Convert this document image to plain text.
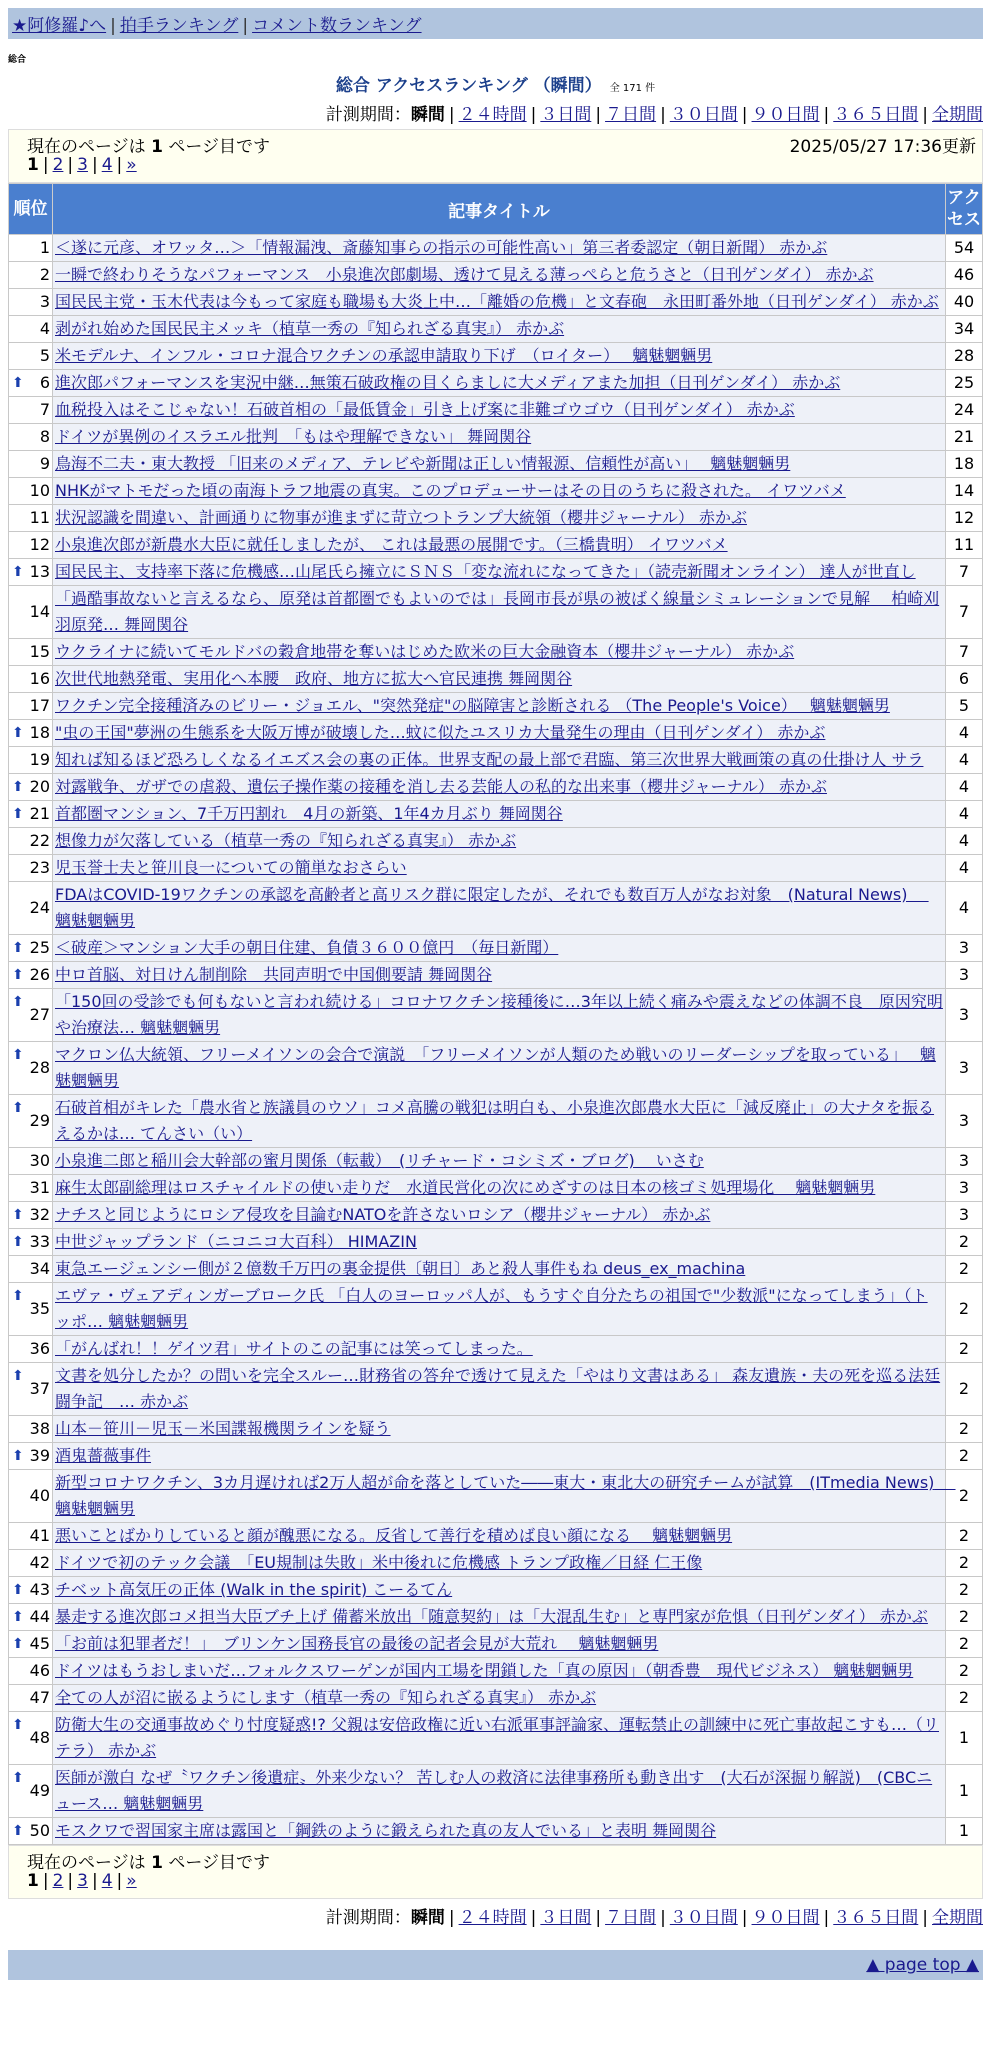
★阿修羅♪へ | 拍手ランキング | コメント数ランキング
総合
総合 アクセスランキング （瞬間） 全 171 件
計測期間：瞬間 | ２４時間 | ３日間 | ７日間 | ３０日間 | ９０日間 | ３６５日間 | 全期間
現在のページは 1 ページ目です	2025/05/27 17:36更新
1 | 2 | 3 | 4 | »
順位	記事タイトル	アクセス
1	＜遂に元彦、オワッタ…＞「情報漏洩、斎藤知事らの指示の可能性高い」第三者委認定（朝日新聞） 赤かぶ	54
2	一瞬で終わりそうなパフォーマンス　小泉進次郎劇場、透けて見える薄っぺらと危うさと（日刊ゲンダイ） 赤かぶ	46
3	国民民主党・玉木代表は今もって家庭も職場も大炎上中…「離婚の危機」と文春砲　永田町番外地（日刊ゲンダイ） 赤かぶ	40
4	剥がれ始めた国民民主メッキ（植草一秀の『知られざる真実』） 赤かぶ	34
5	米モデルナ、インフル・コロナ混合ワクチンの承認申請取り下げ　（ロイター）　 魑魅魍魎男	28

⬆ 6	進次郎パフォーマンスを実況中継…無策石破政権の目くらましに大メディアまた加担（日刊ゲンダイ） 赤かぶ	25
7	血税投入はそこじゃない！石破首相の「最低賃金」引き上げ案に非難ゴウゴウ（日刊ゲンダイ） 赤かぶ	24
8	ドイツが異例のイスラエル批判　「もはや理解できない」 舞岡関谷	21
9	鳥海不二夫・東大教授 「旧来のメディア、テレビや新聞は正しい情報源、信頼性が高い」　 魑魅魍魎男	18
10	NHKがマトモだった頃の南海トラフ地震の真実。このプロデューサーはその日のうちに殺された。 イワツバメ	14
11	状況認識を間違い、計画通りに物事が進まずに苛立つトランプ大統領（櫻井ジャーナル） 赤かぶ	12
12	小泉進次郎が新農水大臣に就任しましたが、 これは最悪の展開です。（三橋貴明） イワツバメ	11

⬆ 13	国民民主、支持率下落に危機感…山尾氏ら擁立にＳＮＳ「変な流れになってきた」（読売新聞オンライン） 達人が世直し	7
14	「過酷事故ないと言えるなら、原発は首都圏でもよいのでは」長岡市長が県の被ばく線量シミュレーションで見解　 柏崎刈羽原発… 舞岡関谷	7
15	ウクライナに続いてモルドバの穀倉地帯を奪いはじめた欧米の巨大金融資本（櫻井ジャーナル） 赤かぶ	7
16	次世代地熱発電、実用化へ本腰　政府、地方に拡大へ官民連携 舞岡関谷	6
17	ワクチン完全接種済みのビリー・ジョエル、"突然発症"の脳障害と診断される （The People's Voice）　 魑魅魍魎男	5

⬆ 18	"虫の王国"夢洲の生態系を大阪万博が破壊した…蚊に似たユスリカ大量発生の理由（日刊ゲンダイ） 赤かぶ	4
19	知れば知るほど恐ろしくなるイエズス会の裏の正体。世界支配の最上部で君臨、第三次世界大戦画策の真の仕掛け人 サラ	4

⬆ 20	対露戦争、ガザでの虐殺、遺伝子操作薬の接種を消し去る芸能人の私的な出来事（櫻井ジャーナル） 赤かぶ	4

⬆ 21	首都圏マンション、7千万円割れ　4月の新築、1年4カ月ぶり 舞岡関谷	4
22	想像力が欠落している（植草一秀の『知られざる真実』） 赤かぶ	4
23	児玉誉士夫と笹川良一についての簡単なおさらい	4
24	FDAはCOVID-19ワクチンの承認を高齢者と高リスク群に限定したが、それでも数百万人がなお対象　(Natural News)　 魑魅魍魎男	4

⬆ 25	＜破産＞マンション大手の朝日住建、負債３６００億円　（毎日新聞）	3

⬆ 26	中ロ首脳、対日けん制削除　共同声明で中国側要請 舞岡関谷	3

⬆
27	「150回の受診でも何もないと言われ続ける」コロナワクチン接種後に…3年以上続く痛みや震えなどの体調不良　原因究明や治療法… 魑魅魍魎男	3

⬆
28	マクロン仏大統領、フリーメイソンの会合で演説　「フリーメイソンが人類のため戦いのリーダーシップを取っている」　 魑魅魍魎男	3

⬆
29	石破首相がキレた「農水省と族議員のウソ」コメ高騰の戦犯は明白も、小泉進次郎農水大臣に「減反廃止」の大ナタを振るえるかは… てんさい（い）	3
30	小泉進二郎と稲川会大幹部の蜜月関係（転載）　(リチャード・コシミズ・ブログ)　 いさむ	3
31	麻生太郎副総理はロスチャイルドの使い走りだ　水道民営化の次にめざすのは日本の核ゴミ処理場化　 魑魅魍魎男	3

⬆ 32	ナチスと同じようにロシア侵攻を目論むNATOを許さないロシア（櫻井ジャーナル） 赤かぶ	3

⬆ 33	中世ジャップランド（ニコニコ大百科） HIMAZIN	2
34	東急エージェンシー側が２億数千万円の裏金提供〔朝日〕あと殺人事件もね deus_ex_machina	2

⬆
35	エヴァ・ヴェアディンガーブローク氏 「白人のヨーロッパ人が、もうすぐ自分たちの祖国で"少数派"になってしまう」（トッポ… 魑魅魍魎男	2
36	「がんばれ！！ゲイツ君」サイトのこの記事には笑ってしまった。	2

⬆
37	文書を処分したか？の問いを完全スルー…財務省の答弁で透けて見えた「やはり文書はある」 森友遺族・夫の死を巡る法廷闘争記　… 赤かぶ	2
38	山本－笹川－児玉－米国諜報機関ラインを疑う	2

⬆ 39	酒鬼薔薇事件	2
40	新型コロナワクチン、3カ月遅ければ2万人超が命を落としていた――東大・東北大の研究チームが試算　(ITmedia News)　 魑魅魍魎男	2
41	悪いことばかりしていると顔が醜悪になる。反省して善行を積めば良い顔になる　 魑魅魍魎男	2
42	ドイツで初のテック会議　「EU規制は失敗」米中後れに危機感 トランプ政権／日経 仁王像	2

⬆ 43	チベット高気圧の正体 (Walk in the spirit) こーるてん	2

⬆ 44	暴走する進次郎コメ担当大臣ブチ上げ 備蓄米放出「随意契約」は「大混乱生む」と専門家が危惧（日刊ゲンダイ） 赤かぶ	2

⬆ 45	「お前は犯罪者だ！」　ブリンケン国務長官の最後の記者会見が大荒れ　 魑魅魍魎男	2
46	ドイツはもうおしまいだ…フォルクスワーゲンが国内工場を閉鎖した「真の原因」（朝香豊　現代ビジネス） 魑魅魍魎男	2
47	全ての人が沼に嵌るようにします（植草一秀の『知られざる真実』） 赤かぶ	2

⬆
48	防衛大生の交通事故めぐり忖度疑惑!? 父親は安倍政権に近い右派軍事評論家、運転禁止の訓練中に死亡事故起こすも…（リテラ） 赤かぶ	1

⬆
49	医師が激白 なぜ〝ワクチン後遺症〟外来少ない？ 苦しむ人の救済に法律事務所も動き出す　(大石が深掘り解説)　(CBCニュース… 魑魅魍魎男	1

⬆ 50	モスクワで習国家主席は露国と「鋼鉄のように鍛えられた真の友人でいる」と表明 舞岡関谷	1
現在のページは 1 ページ目です
1 | 2 | 3 | 4 | »
計測期間：瞬間 | ２４時間 | ３日間 | ７日間 | ３０日間 | ９０日間 | ３６５日間 | 全期間
▲ page top ▲
